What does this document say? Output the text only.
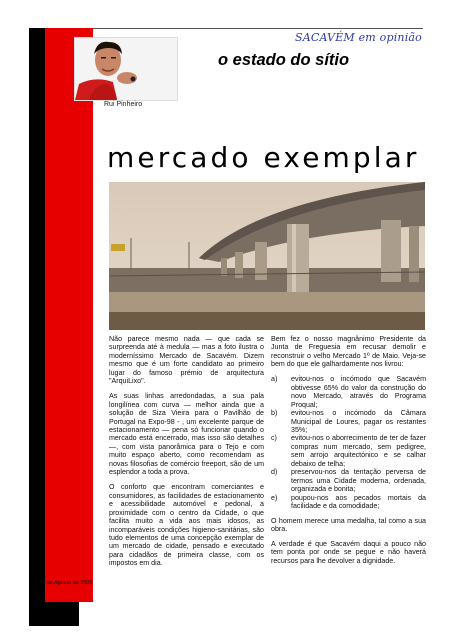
SACAVÉM em opinião
o estado do sítio
Rui Pinheiro
mercado exemplar

Não parece mesmo nada — que cada se surpreenda até à medula — mas a foto ilustra o moderníssimo Mercado de Sacavém. Dizem mesmo que é um forte candidato ao primeiro lugar do famoso prémio de arquitectura "ArquiLixo".

As suas linhas arredondadas, a sua pala longilínea com curva — melhor ainda que a solução de Siza Vieira para o Pavilhão de Portugal na Expo-98 - , um excelente parque de estacionamento — pena só funcionar quando o mercado está encerrado, mas isso são detalhes —, com vista panorâmica para o Tejo e com muito espaço aberto, como recomendam as novas filosofias de comércio freeport, são de um esplendor a toda a prova.

O conforto que encontram comerciantes e consumidores, as facilidades de estacionamento e acessibilidade automóvel e pedonal, a proximidade com o centro da Cidade, o que facilita muito a vida aos mais idosos, as incomparáveis condições higieno-sanitárias, são tudo elementos de uma concepção exemplar de um mercado de cidade, pensado e executado para cidadãos de primeira classe, com os impostos em dia.

Bem fez o nosso magnânimo Presidente da Junta de Freguesia em recusar demolir e reconstruir o velho Mercado 1º de Maio. Veja-se bem do que ele galhardamente nos livrou:

a)	evitou-nos o incómodo que Sacavém obtivesse 65% do valor da construção do novo Mercado, através do Programa Proqual;
b)	evitou-nos o incómodo da Câmara Municipal de Loures, pagar os restantes 35%;
c)	evitou-nos o aborrecimento de ter de fazer compras num mercado, sem pedigree, sem arrojo arquitectónico e se calhar debaixo de telha;
d)	preservou-nos da tentação perversa de termos uma Cidade moderna, ordenada, organizada e bonita;
e)	poupou-nos aos pecados mortais da facilidade e da comodidade;

O homem merece uma medalha, tal como a sua obra.

A verdade é que Sacavém daqui a pouco não tem ponta por onde se pegue e não haverá recursos para lhe devolver a dignidade.

24 de Agosto de 2005
